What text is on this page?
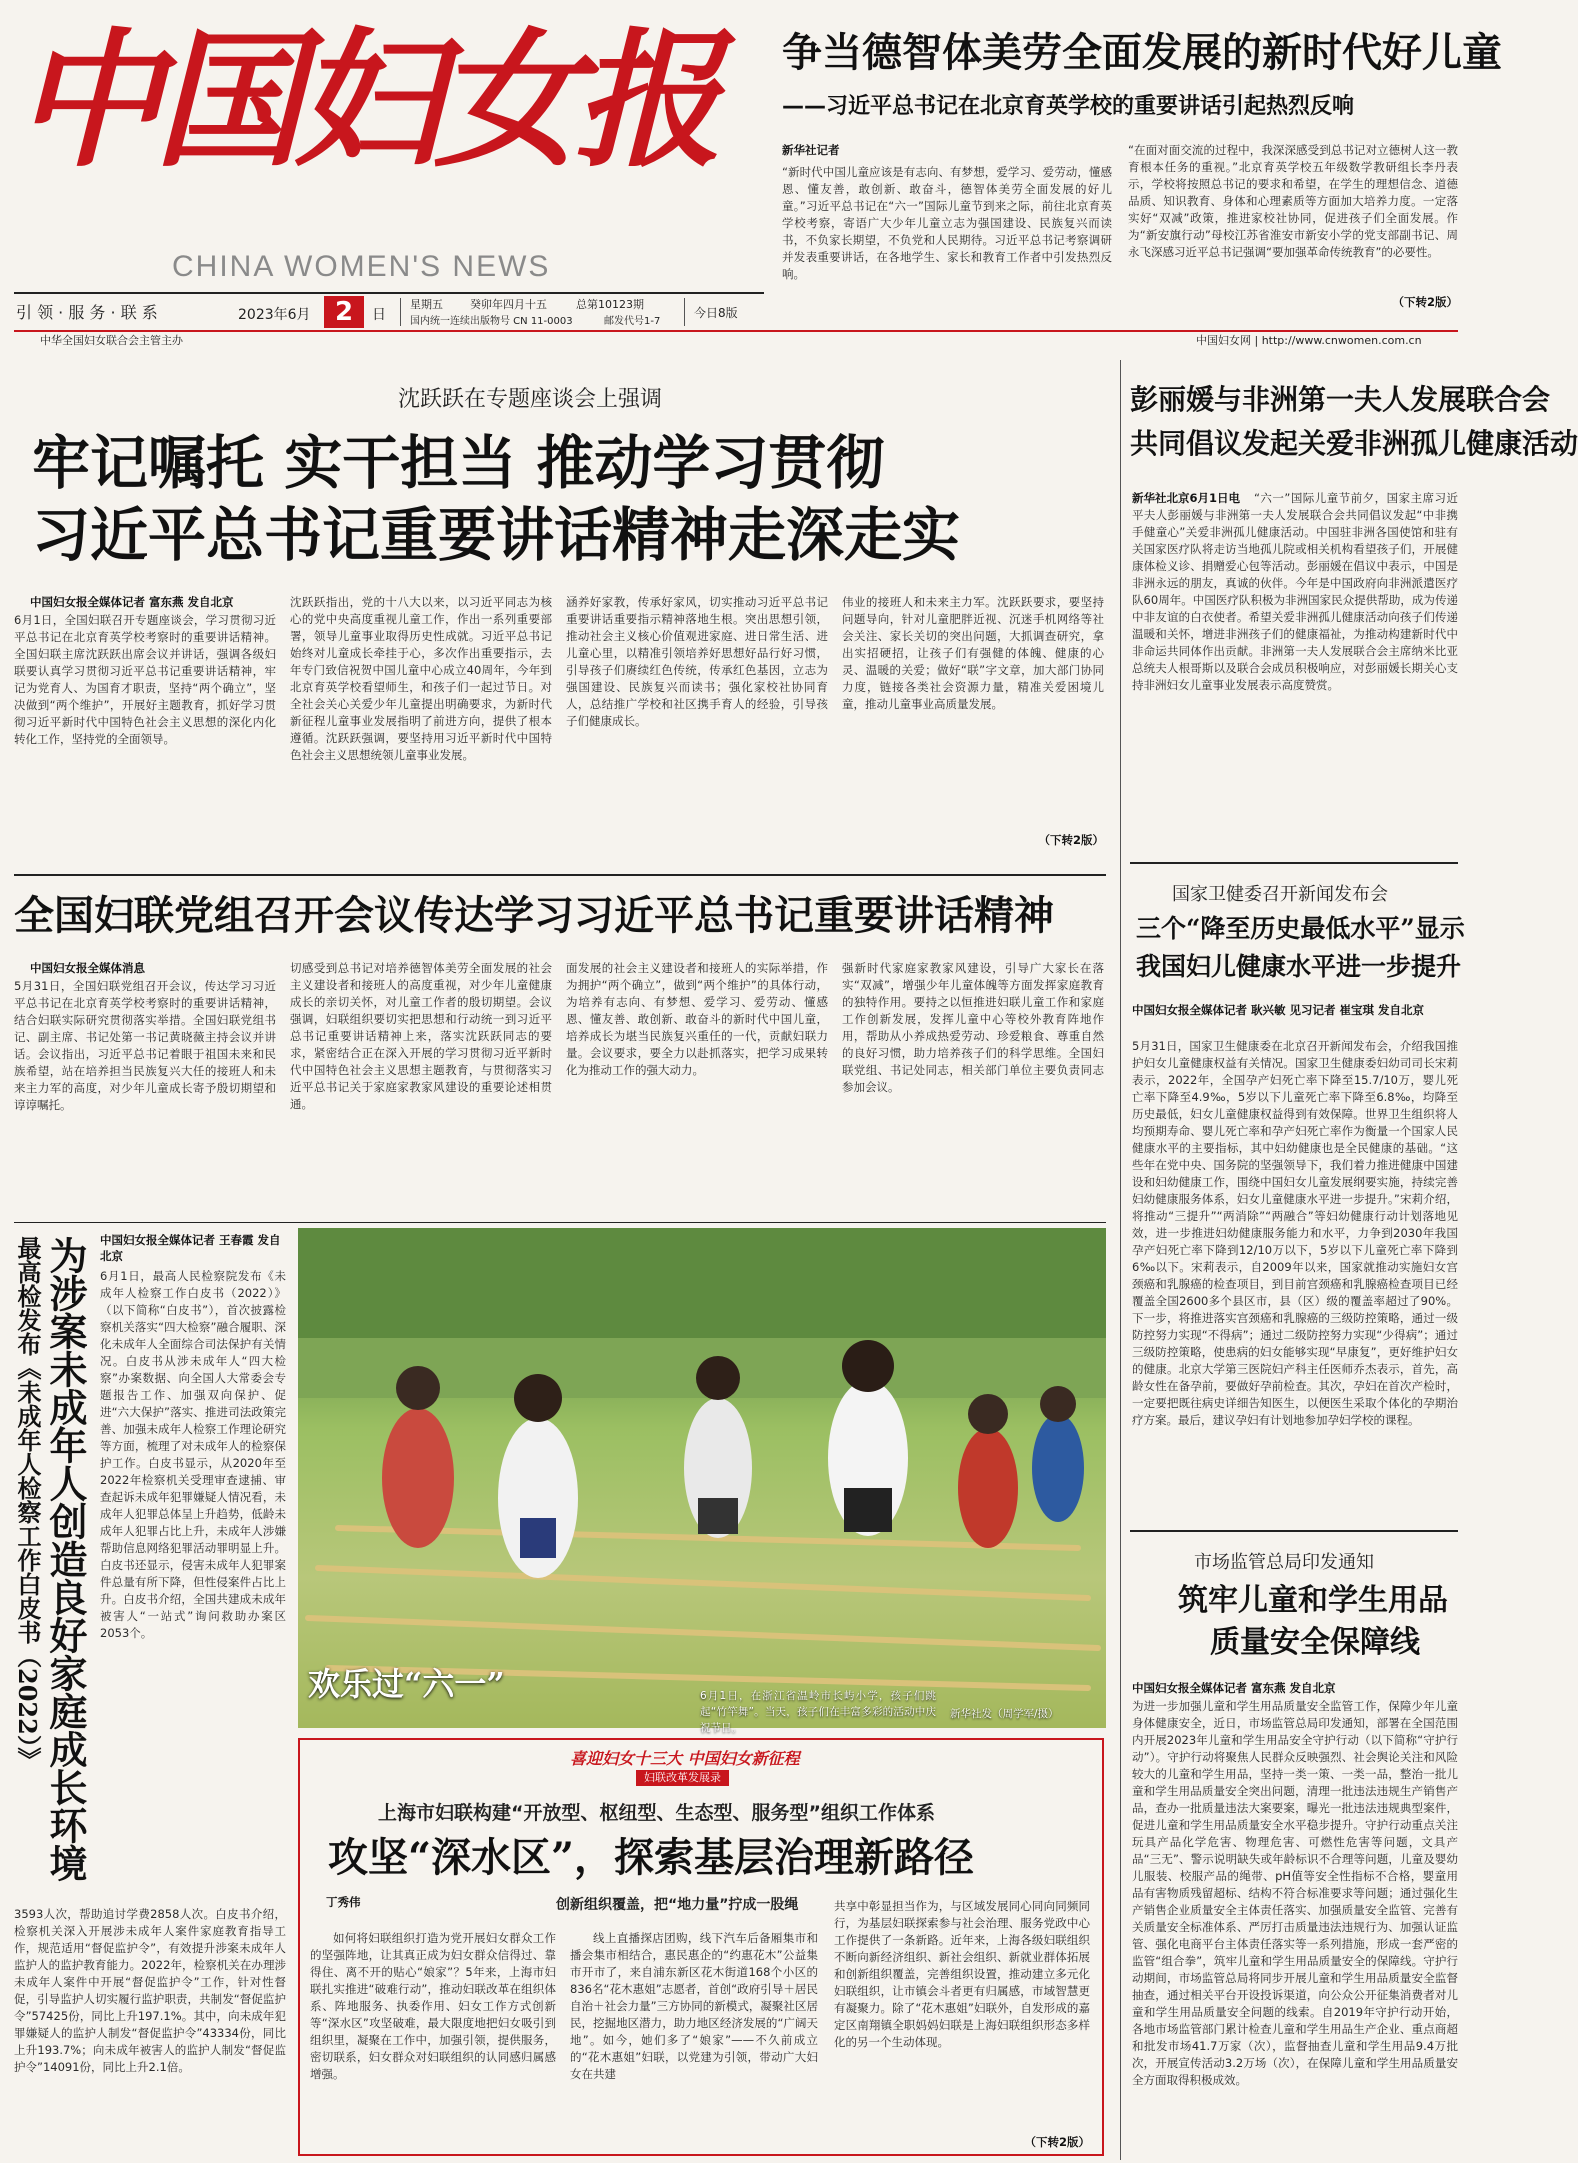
中国妇女报
CHINA WOMEN'S NEWS
引 领 · 服 务 · 联 系	2023年6月 2	日
星期五 癸卯年四月十五	总第10123期
国内统一连续出版物号 CN 11-0003	邮发代号1-7
今日8版
中华全国妇女联合会主管主办	中国妇女网 | http://www.cnwomen.com.cn
争当德智体美劳全面发展的新时代好儿童
——习近平总书记在北京育英学校的重要讲话引起热烈反响
新华社记者
“新时代中国儿童应该是有志向、有梦想，爱学习、爱劳动，懂感恩、懂友善，敢创新、敢奋斗，德智体美劳全面发展的好儿童。”习近平总书记在“六一”国际儿童节到来之际，前往北京育英学校考察，寄语广大少年儿童立志为强国建设、民族复兴而读书，不负家长期望，不负党和人民期待。习近平总书记考察调研并发表重要讲话，在各地学生、家长和教育工作者中引发热烈反响。
“在面对面交流的过程中，我深深感受到总书记对立德树人这一教育根本任务的重视。”北京育英学校五年级数学教研组长李丹表示，学校将按照总书记的要求和希望，在学生的理想信念、道德品质、知识教育、身体和心理素质等方面加大培养力度。一定落实好“双减”政策，推进家校社协同，促进孩子们全面发展。作为“新安旗行动”母校江苏省淮安市新安小学的党支部副书记、周永飞深感习近平总书记强调“要加强革命传统教育”的必要性。
（下转2版）
沈跃跃在专题座谈会上强调
牢记嘱托 实干担当 推动学习贯彻
习近平总书记重要讲话精神走深走实
中国妇女报全媒体记者 富东燕 发自北京
6月1日，全国妇联召开专题座谈会，学习贯彻习近平总书记在北京育英学校考察时的重要讲话精神。全国妇联主席沈跃跃出席会议并讲话，强调各级妇联要认真学习贯彻习近平总书记重要讲话精神，牢记为党育人、为国育才职责，坚持“两个确立”，坚决做到“两个维护”，开展好主题教育，抓好学习贯彻习近平新时代中国特色社会主义思想的深化内化转化工作，坚持党的全面领导。
沈跃跃指出，党的十八大以来，以习近平同志为核心的党中央高度重视儿童工作，作出一系列重要部署，领导儿童事业取得历史性成就。习近平总书记始终对儿童成长牵挂于心，多次作出重要指示，去年专门致信祝贺中国儿童中心成立40周年，今年到北京育英学校看望师生，和孩子们一起过节日。对全社会关心关爱少年儿童提出明确要求，为新时代新征程儿童事业发展指明了前进方向，提供了根本遵循。沈跃跃强调，要坚持用习近平新时代中国特色社会主义思想统领儿童事业发展。
涵养好家教，传承好家风，切实推动习近平总书记重要讲话重要指示精神落地生根。突出思想引领，推动社会主义核心价值观进家庭、进日常生活、进儿童心里，以精准引领培养好思想好品行好习惯，引导孩子们赓续红色传统，传承红色基因，立志为强国建设、民族复兴而读书；强化家校社协同育人，总结推广学校和社区携手育人的经验，引导孩子们健康成长。
伟业的接班人和未来主力军。沈跃跃要求，要坚持问题导向，针对儿童肥胖近视、沉迷手机网络等社会关注、家长关切的突出问题，大抓调查研究，拿出实招硬招，让孩子们有强健的体魄、健康的心灵、温暖的关爱；做好“联”字文章，加大部门协同力度，链接各类社会资源力量，精准关爱困境儿童，推动儿童事业高质量发展。
（下转2版）
彭丽媛与非洲第一夫人发展联合会
共同倡议发起关爱非洲孤儿健康活动
新华社北京6月1日电	“六一”国际儿童节前夕，国家主席习近平夫人彭丽媛与非洲第一夫人发展联合会共同倡议发起“中非携手健童心”关爱非洲孤儿健康活动。中国驻非洲各国使馆和驻有关国家医疗队将走访当地孤儿院或相关机构看望孩子们，开展健康体检义诊、捐赠爱心包等活动。彭丽媛在倡议中表示，中国是非洲永远的朋友，真诚的伙伴。今年是中国政府向非洲派遣医疗队60周年。中国医疗队积极为非洲国家民众提供帮助，成为传递中非友谊的白衣使者。希望关爱非洲孤儿健康活动向孩子们传递温暖和关怀，增进非洲孩子们的健康福祉，为推动构建新时代中非命运共同体作出贡献。非洲第一夫人发展联合会主席纳米比亚总统夫人根哥斯以及联合会成员积极响应，对彭丽媛长期关心支持非洲妇女儿童事业发展表示高度赞赏。
全国妇联党组召开会议传达学习习近平总书记重要讲话精神
中国妇女报全媒体消息
5月31日，全国妇联党组召开会议，传达学习习近平总书记在北京育英学校考察时的重要讲话精神，结合妇联实际研究贯彻落实举措。全国妇联党组书记、副主席、书记处第一书记黄晓薇主持会议并讲话。会议指出，习近平总书记着眼于祖国未来和民族希望，站在培养担当民族复兴大任的接班人和未来主力军的高度，对少年儿童成长寄予殷切期望和谆谆嘱托。
切感受到总书记对培养德智体美劳全面发展的社会主义建设者和接班人的高度重视，对少年儿童健康成长的亲切关怀，对儿童工作者的殷切期望。会议强调，妇联组织要切实把思想和行动统一到习近平总书记重要讲话精神上来，落实沈跃跃同志的要求，紧密结合正在深入开展的学习贯彻习近平新时代中国特色社会主义思想主题教育，与贯彻落实习近平总书记关于家庭家教家风建设的重要论述相贯通。
面发展的社会主义建设者和接班人的实际举措，作为拥护“两个确立”，做到“两个维护”的具体行动，为培养有志向、有梦想、爱学习、爱劳动、懂感恩、懂友善、敢创新、敢奋斗的新时代中国儿童，培养成长为堪当民族复兴重任的一代，贡献妇联力量。会议要求，要全力以赴抓落实，把学习成果转化为推动工作的强大动力。
强新时代家庭家教家风建设，引导广大家长在落实“双减”，增强少年儿童体魄等方面发挥家庭教育的独特作用。要持之以恒推进妇联儿童工作和家庭工作创新发展，发挥儿童中心等校外教育阵地作用，帮助从小养成热爱劳动、珍爱粮食、尊重自然的良好习惯，助力培养孩子们的科学思维。全国妇联党组、书记处同志，相关部门单位主要负责同志参加会议。
国家卫健委召开新闻发布会
三个“降至历史最低水平”显示
我国妇儿健康水平进一步提升
中国妇女报全媒体记者 耿兴敏 见习记者 崔宝琪 发自北京
5月31日，国家卫生健康委在北京召开新闻发布会，介绍我国推护妇女儿童健康权益有关情况。国家卫生健康委妇幼司司长宋莉表示，2022年，全国孕产妇死亡率下降至15.7/10万，婴儿死亡率下降至4.9‰，5岁以下儿童死亡率下降至6.8‰，均降至历史最低，妇女儿童健康权益得到有效保障。世界卫生组织将人均预期寿命、婴儿死亡率和孕产妇死亡率作为衡量一个国家人民健康水平的主要指标，其中妇幼健康也是全民健康的基础。“这些年在党中央、国务院的坚强领导下，我们着力推进健康中国建设和妇幼健康工作，围绕中国妇女儿童发展纲要实施，持续完善妇幼健康服务体系，妇女儿童健康水平进一步提升。”宋莉介绍，将推动“三提升”“两消除”“两融合”等妇幼健康行动计划落地见效，进一步推进妇幼健康服务能力和水平，力争到2030年我国孕产妇死亡率下降到12/10万以下，5岁以下儿童死亡率下降到6‰以下。宋莉表示，自2009年以来，国家就推动实施妇女宫颈癌和乳腺癌的检查项目，到目前宫颈癌和乳腺癌检查项目已经覆盖全国2600多个县区市，县（区）级的覆盖率超过了90%。下一步，将推进落实宫颈癌和乳腺癌的三级防控策略，通过一级防控努力实现“不得病”；通过二级防控努力实现“少得病”；通过三级防控策略，使患病的妇女能够实现“早康复”，更好维护妇女的健康。北京大学第三医院妇产科主任医师乔杰表示，首先，高龄女性在备孕前，要做好孕前检查。其次，孕妇在首次产检时，一定要把既往病史详细告知医生，以便医生采取个体化的孕期治疗方案。最后，建议孕妇有计划地参加孕妇学校的课程。
市场监管总局印发通知
筑牢儿童和学生用品
质量安全保障线
中国妇女报全媒体记者 富东燕 发自北京
为进一步加强儿童和学生用品质量安全监管工作，保障少年儿童身体健康安全，近日，市场监管总局印发通知，部署在全国范围内开展2023年儿童和学生用品安全守护行动（以下简称“守护行动”）。守护行动将聚焦人民群众反映强烈、社会舆论关注和风险较大的儿童和学生用品，坚持一类一策、一类一品，整治一批儿童和学生用品质量安全突出问题，清理一批违法违规生产销售产品，查办一批质量违法大案要案，曝光一批违法违规典型案件，促进儿童和学生用品质量安全水平稳步提升。守护行动重点关注玩具产品化学危害、物理危害、可燃性危害等问题，文具产品“三无”、警示说明缺失或年龄标识不合理等问题，儿童及婴幼儿服装、校服产品的绳带、pH值等安全性指标不合格，婴童用品有害物质残留超标、结构不符合标准要求等问题；通过强化生产销售企业质量安全主体责任落实、加强质量安全监管、完善有关质量安全标准体系、严厉打击质量违法违规行为、加强认证监管、强化电商平台主体责任落实等一系列措施，形成一套严密的监管“组合拳”，筑牢儿童和学生用品质量安全的保障线。守护行动期间，市场监管总局将同步开展儿童和学生用品质量安全监督抽查，通过相关平台开设投诉渠道，向公众公开征集消费者对儿童和学生用品质量安全问题的线索。自2019年守护行动开始，各地市场监管部门累计检查儿童和学生用品生产企业、重点商超和批发市场41.7万家（次），监督抽查儿童和学生用品9.4万批次，开展宣传活动3.2万场（次），在保障儿童和学生用品质量安全方面取得积极成效。
最高检发布《未成年人检察工作白皮书（2022）》 为涉案未成年人创造良好家庭成长环境 中国妇女报全媒体记者 王春霞 发自北京
6月1日，最高人民检察院发布《未成年人检察工作白皮书（2022）》（以下简称“白皮书”），首次披露检察机关落实“四大检察”融合履职、深化未成年人全面综合司法保护有关情况。白皮书从涉未成年人“四大检察”办案数据、向全国人大常委会专题报告工作、加强双向保护、促进“六大保护”落实、推进司法政策完善、加强未成年人检察工作理论研究等方面，梳理了对未成年人的检察保护工作。白皮书显示，从2020年至2022年检察机关受理审查逮捕、审查起诉未成年犯罪嫌疑人情况看，未成年人犯罪总体呈上升趋势，低龄未成年人犯罪占比上升，未成年人涉嫌帮助信息网络犯罪活动罪明显上升。白皮书还显示，侵害未成年人犯罪案件总量有所下降，但性侵案件占比上升。白皮书介绍，全国共建成未成年被害人“一站式”询问救助办案区2053个。
3593人次，帮助追讨学费2858人次。白皮书介绍，检察机关深入开展涉未成年人案件家庭教育指导工作，规范适用“督促监护令”，有效提升涉案未成年人监护人的监护教育能力。2022年，检察机关在办理涉未成年人案件中开展“督促监护令”工作，针对性督促，引导监护人切实履行监护职责，共制发“督促监护令”57425份，同比上升197.1%。其中，向未成年犯罪嫌疑人的监护人制发“督促监护令”43334份，同比上升193.7%；向未成年被害人的监护人制发“督促监护令”14091份，同比上升2.1倍。
欢乐过“六一”	6月1日，在浙江省温岭市长屿小学，孩子们跳起“竹竿舞”。当天，孩子们在丰富多彩的活动中庆祝节日。
新华社发（周学军/摄）
喜迎妇女十三大 中国妇女新征程
妇联改革发展录
上海市妇联构建“开放型、枢纽型、生态型、服务型”组织工作体系
攻坚“深水区”，探索基层治理新路径
丁秀伟	创新组织覆盖，把“地力量”拧成一股绳
如何将妇联组织打造为党开展妇女群众工作的坚强阵地，让其真正成为妇女群众信得过、靠得住、离不开的贴心“娘家”？5年来，上海市妇联扎实推进“破难行动”，推动妇联改革在组织体系、阵地服务、执委作用、妇女工作方式创新等“深水区”攻坚破难，最大限度地把妇女吸引到组织里，凝聚在工作中，加强引领，提供服务，密切联系，妇女群众对妇联组织的认同感归属感增强。
线上直播探店团购，线下汽车后备厢集市和播会集市相结合，惠民惠企的“约惠花木”公益集市开市了，来自浦东新区花木街道168个小区的836名“花木惠姐”志愿者，首创“政府引导＋居民自治＋社会力量”三方协同的新模式，凝聚社区居民，挖掘地区潜力，助力地区经济发展的“广阔天地”。如今，她们多了“娘家”——不久前成立的“花木惠姐”妇联，以党建为引领，带动广大妇女在共建
共享中彰显担当作为，与区域发展同心同向同频同行，为基层妇联探索参与社会治理、服务党政中心工作提供了一条新路。近年来，上海各级妇联组织不断向新经济组织、新社会组织、新就业群体拓展和创新组织覆盖，完善组织设置，推动建立多元化妇联组织，让市镇会斗者更有归属感，市域智慧更有凝聚力。除了“花木惠姐”妇联外，自发形成的嘉定区南翔镇全职妈妈妇联是上海妇联组织形态多样化的另一个生动体现。
（下转2版）
